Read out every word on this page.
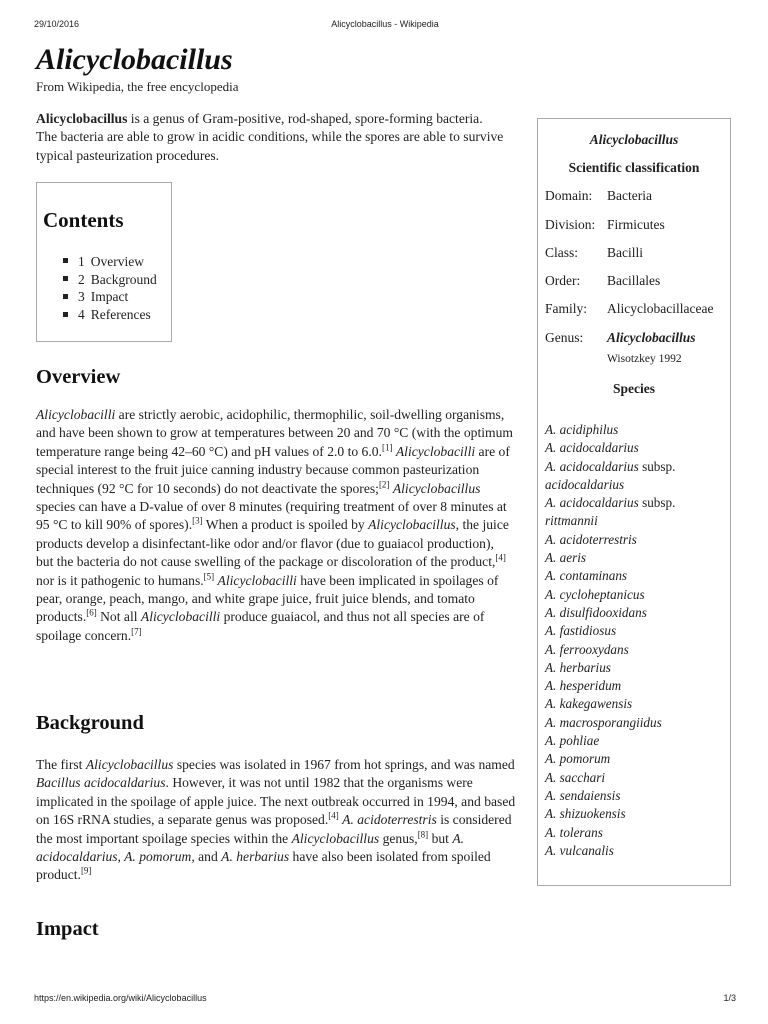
29/10/2016	Alicyclobacillus - Wikipedia
Alicyclobacillus
From Wikipedia, the free encyclopedia

Alicyclobacillus is a genus of Gram-positive, rod-shaped, spore-forming bacteria. The bacteria are able to grow in acidic conditions, while the spores are able to survive typical pasteurization procedures.

Contents
1 Overview
2 Background
3 Impact
4 References
Overview

Alicyclobacilli are strictly aerobic, acidophilic, thermophilic, soil-dwelling organisms, and have been shown to grow at temperatures between 20 and 70 °C (with the optimum temperature range being 42–60 °C) and pH values of 2.0 to 6.0.[1] Alicyclobacilli are of special interest to the fruit juice canning industry because common pasteurization techniques (92 °C for 10 seconds) do not deactivate the spores;[2] Alicyclobacillus species can have a D-value of over 8 minutes (requiring treatment of over 8 minutes at 95 °C to kill 90% of spores).[3] When a product is spoiled by Alicyclobacillus, the juice products develop a disinfectant-like odor and/or flavor (due to guaiacol production), but the bacteria do not cause swelling of the package or discoloration of the product,[4] nor is it pathogenic to humans.[5] Alicyclobacilli have been implicated in spoilages of pear, orange, peach, mango, and white grape juice, fruit juice blends, and tomato products.[6] Not all Alicyclobacilli produce guaiacol, and thus not all species are of spoilage concern.[7]

Background

The first Alicyclobacillus species was isolated in 1967 from hot springs, and was named Bacillus acidocaldarius. However, it was not until 1982 that the organisms were implicated in the spoilage of apple juice. The next outbreak occurred in 1994, and based on 16S rRNA studies, a separate genus was proposed.[4] A. acidoterrestris is considered the most important spoilage species within the Alicyclobacillus genus,[8] but A. acidocaldarius, A. pomorum, and A. herbarius have also been isolated from spoiled product.[9]

Impact
Alicyclobacillus
Scientific classification
Domain: Bacteria
Division: Firmicutes
Class: Bacilli
Order: Bacillales
Family: Alicyclobacillaceae
Genus: Alicyclobacillus
Wisotzkey 1992
Species
A. acidiphilus
A. acidocaldarius
A. acidocaldarius subsp.
acidocaldarius
A. acidocaldarius subsp.
rittmannii
A. acidoterrestris
A. aeris
A. contaminans
A. cycloheptanicus
A. disulfidooxidans
A. fastidiosus
A. ferrooxydans
A. herbarius
A. hesperidum
A. kakegawensis
A. macrosporangiidus
A. pohliae
A. pomorum
A. sacchari
A. sendaiensis
A. shizuokensis
A. tolerans
A. vulcanalis
https://en.wikipedia.org/wiki/Alicyclobacillus	1/3
